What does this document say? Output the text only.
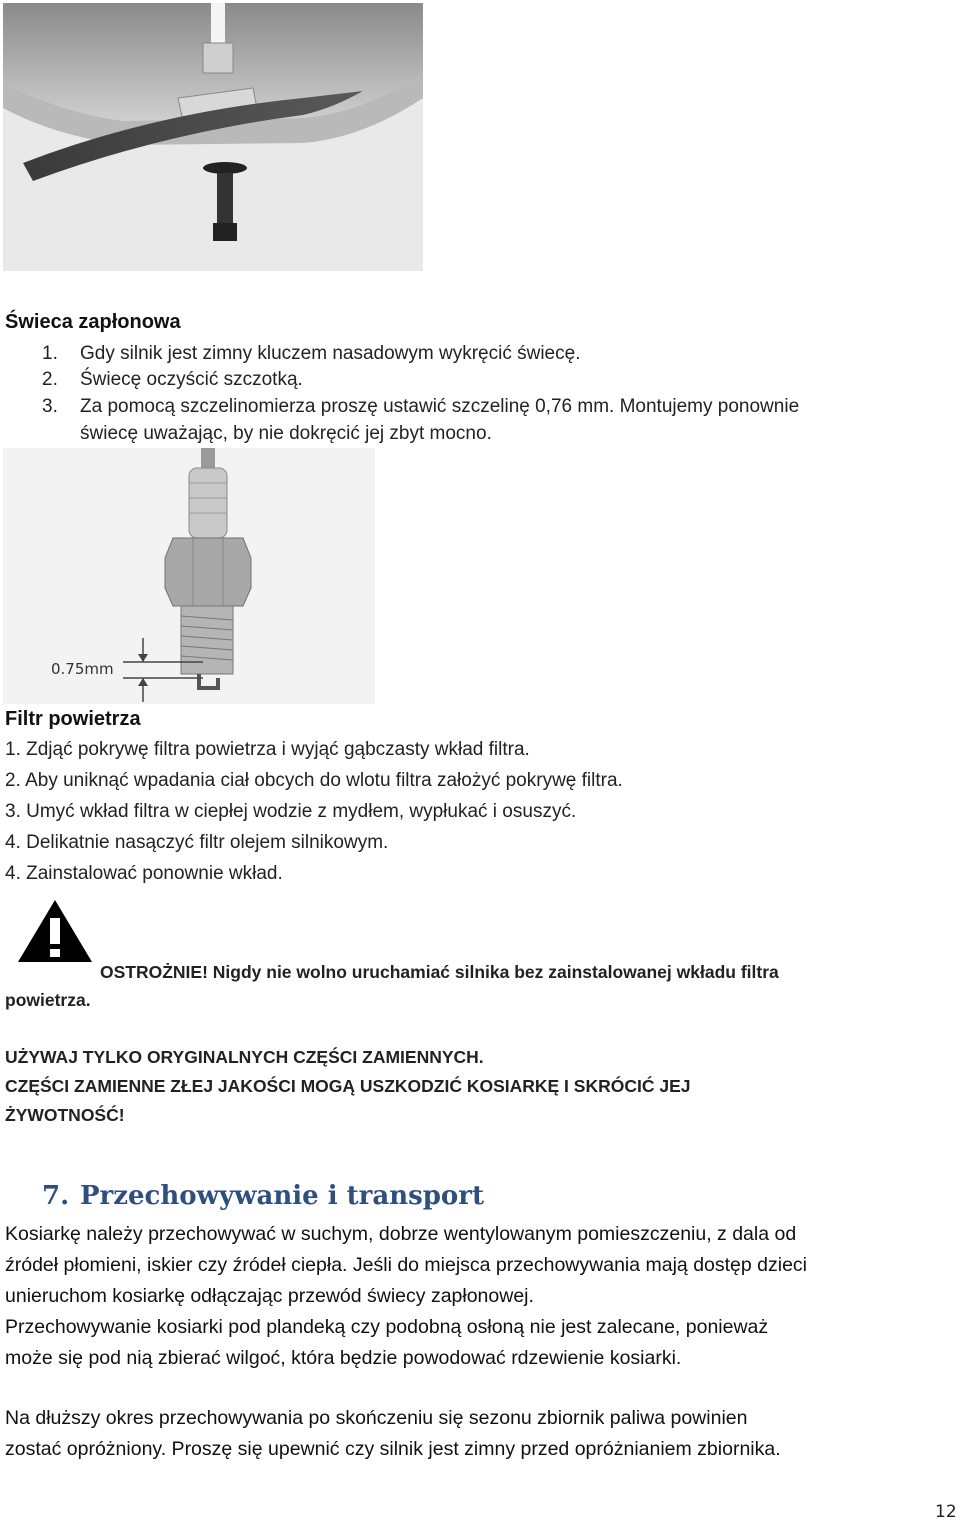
Świeca zapłonowa
1. Gdy silnik jest zimny kluczem nasadowym wykręcić świecę.
2. Świecę oczyścić szczotką.
3. Za pomocą szczelinomierza proszę ustawić szczelinę 0,76 mm. Montujemy ponownie
świecę uważając, by nie dokręcić jej zbyt mocno.
0.75mm
Filtr powietrza
1. Zdjąć pokrywę filtra powietrza i wyjąć gąbczasty wkład filtra.
2. Aby uniknąć wpadania ciał obcych do wlotu filtra założyć pokrywę filtra.
3. Umyć wkład filtra w ciepłej wodzie z mydłem, wypłukać i osuszyć.
4. Delikatnie nasączyć filtr olejem silnikowym.
4. Zainstalować ponownie wkład.
OSTROŻNIE! Nigdy nie wolno uruchamiać silnika bez zainstalowanej wkładu filtra
powietrza.
UŻYWAJ TYLKO ORYGINALNYCH CZĘŚCI ZAMIENNYCH.
CZĘŚCI ZAMIENNE ZŁEJ JAKOŚCI MOGĄ USZKODZIĆ KOSIARKĘ I SKRÓCIĆ JEJ
ŻYWOTNOŚĆ!
7. Przechowywanie i transport
Kosiarkę należy przechowywać w suchym, dobrze wentylowanym pomieszczeniu, z dala od
źródeł płomieni, iskier czy źródeł ciepła. Jeśli do miejsca przechowywania mają dostęp dzieci
unieruchom kosiarkę odłączając przewód świecy zapłonowej.
Przechowywanie kosiarki pod plandeką czy podobną osłoną nie jest zalecane, ponieważ
może się pod nią zbierać wilgoć, która będzie powodować rdzewienie kosiarki.
Na dłuższy okres przechowywania po skończeniu się sezonu zbiornik paliwa powinien
zostać opróżniony. Proszę się upewnić czy silnik jest zimny przed opróżnianiem zbiornika.
12
